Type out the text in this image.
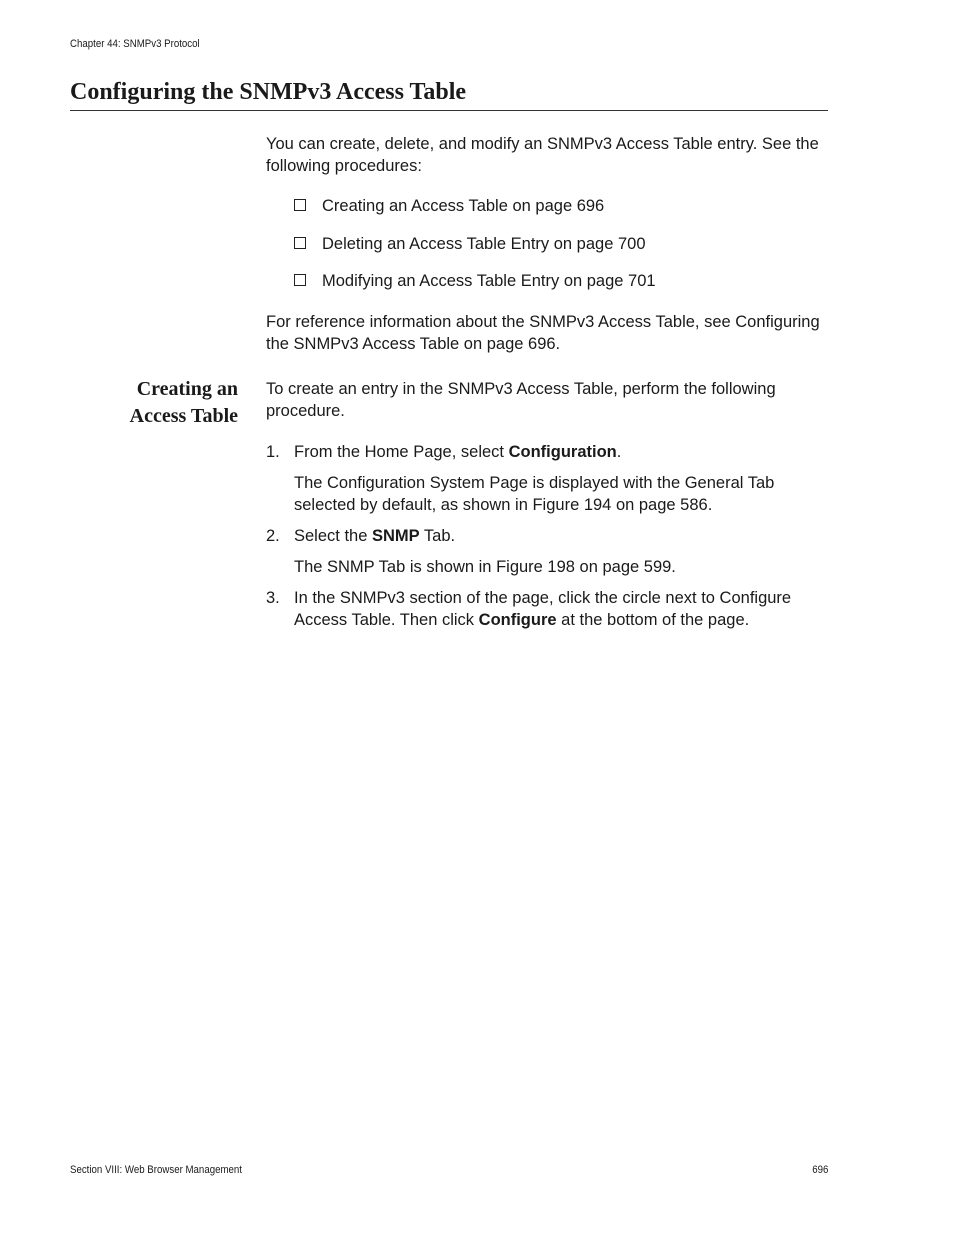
Chapter 44: SNMPv3 Protocol
Configuring the SNMPv3 Access Table

You can create, delete, and modify an SNMPv3 Access Table entry. See the following procedures:

Creating an Access Table on page 696
Deleting an Access Table Entry on page 700
Modifying an Access Table Entry on page 701

For reference information about the SNMPv3 Access Table, see Configuring the SNMPv3 Access Table on page 696.

Creating an
Access Table

To create an entry in the SNMPv3 Access Table, perform the following procedure.

1. From the Home Page, select Configuration.

The Configuration System Page is displayed with the General Tab selected by default, as shown in Figure 194 on page 586.

2. Select the SNMP Tab.

The SNMP Tab is shown in Figure 198 on page 599.

3. In the SNMPv3 section of the page, click the circle next to Configure Access Table. Then click Configure at the bottom of the page.
Section VIII: Web Browser Management	696
